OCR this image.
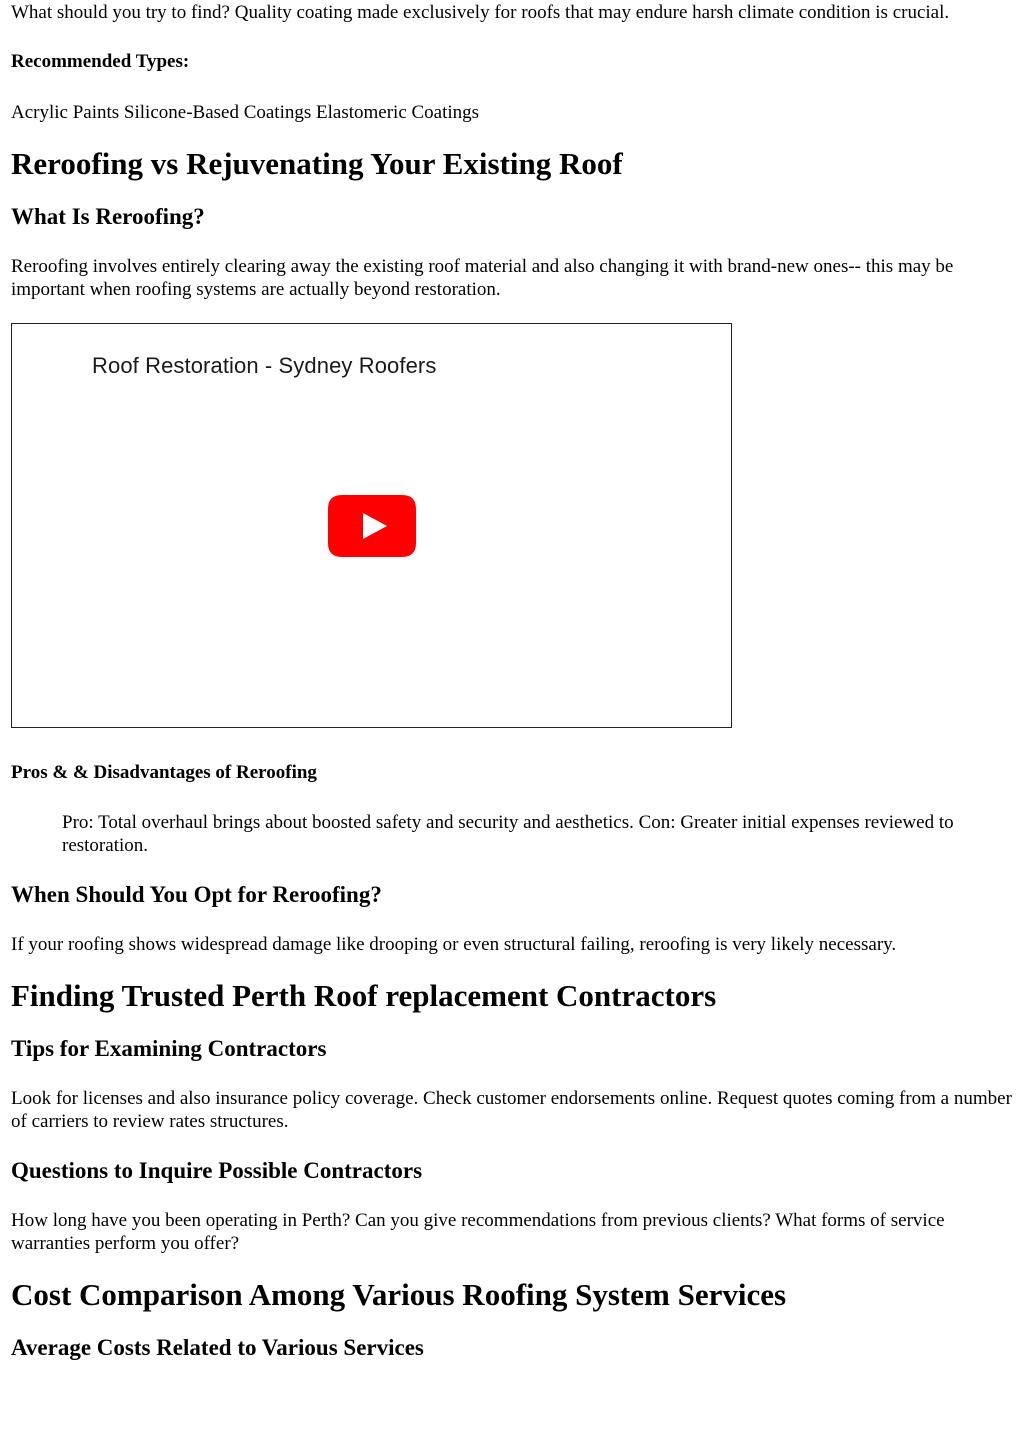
What should you try to find? Quality coating made exclusively for roofs that may endure harsh climate condition is crucial.

Recommended Types:

Acrylic Paints Silicone-Based Coatings Elastomeric Coatings

Reroofing vs Rejuvenating Your Existing Roof
What Is Reroofing?

Reroofing involves entirely clearing away the existing roof material and also changing it with brand-new ones-- this may be important when roofing systems are actually beyond restoration.

Roof Restoration - Sydney Roofers
Pros & & Disadvantages of Reroofing

Pro: Total overhaul brings about boosted safety and security and aesthetics. Con: Greater initial expenses reviewed to restoration.

When Should You Opt for Reroofing?

If your roofing shows widespread damage like drooping or even structural failing, reroofing is very likely necessary.

Finding Trusted Perth Roof replacement Contractors
Tips for Examining Contractors

Look for licenses and also insurance policy coverage. Check customer endorsements online. Request quotes coming from a number of carriers to review rates structures.

Questions to Inquire Possible Contractors

How long have you been operating in Perth? Can you give recommendations from previous clients? What forms of service warranties perform you offer?

Cost Comparison Among Various Roofing System Services
Average Costs Related to Various Services
